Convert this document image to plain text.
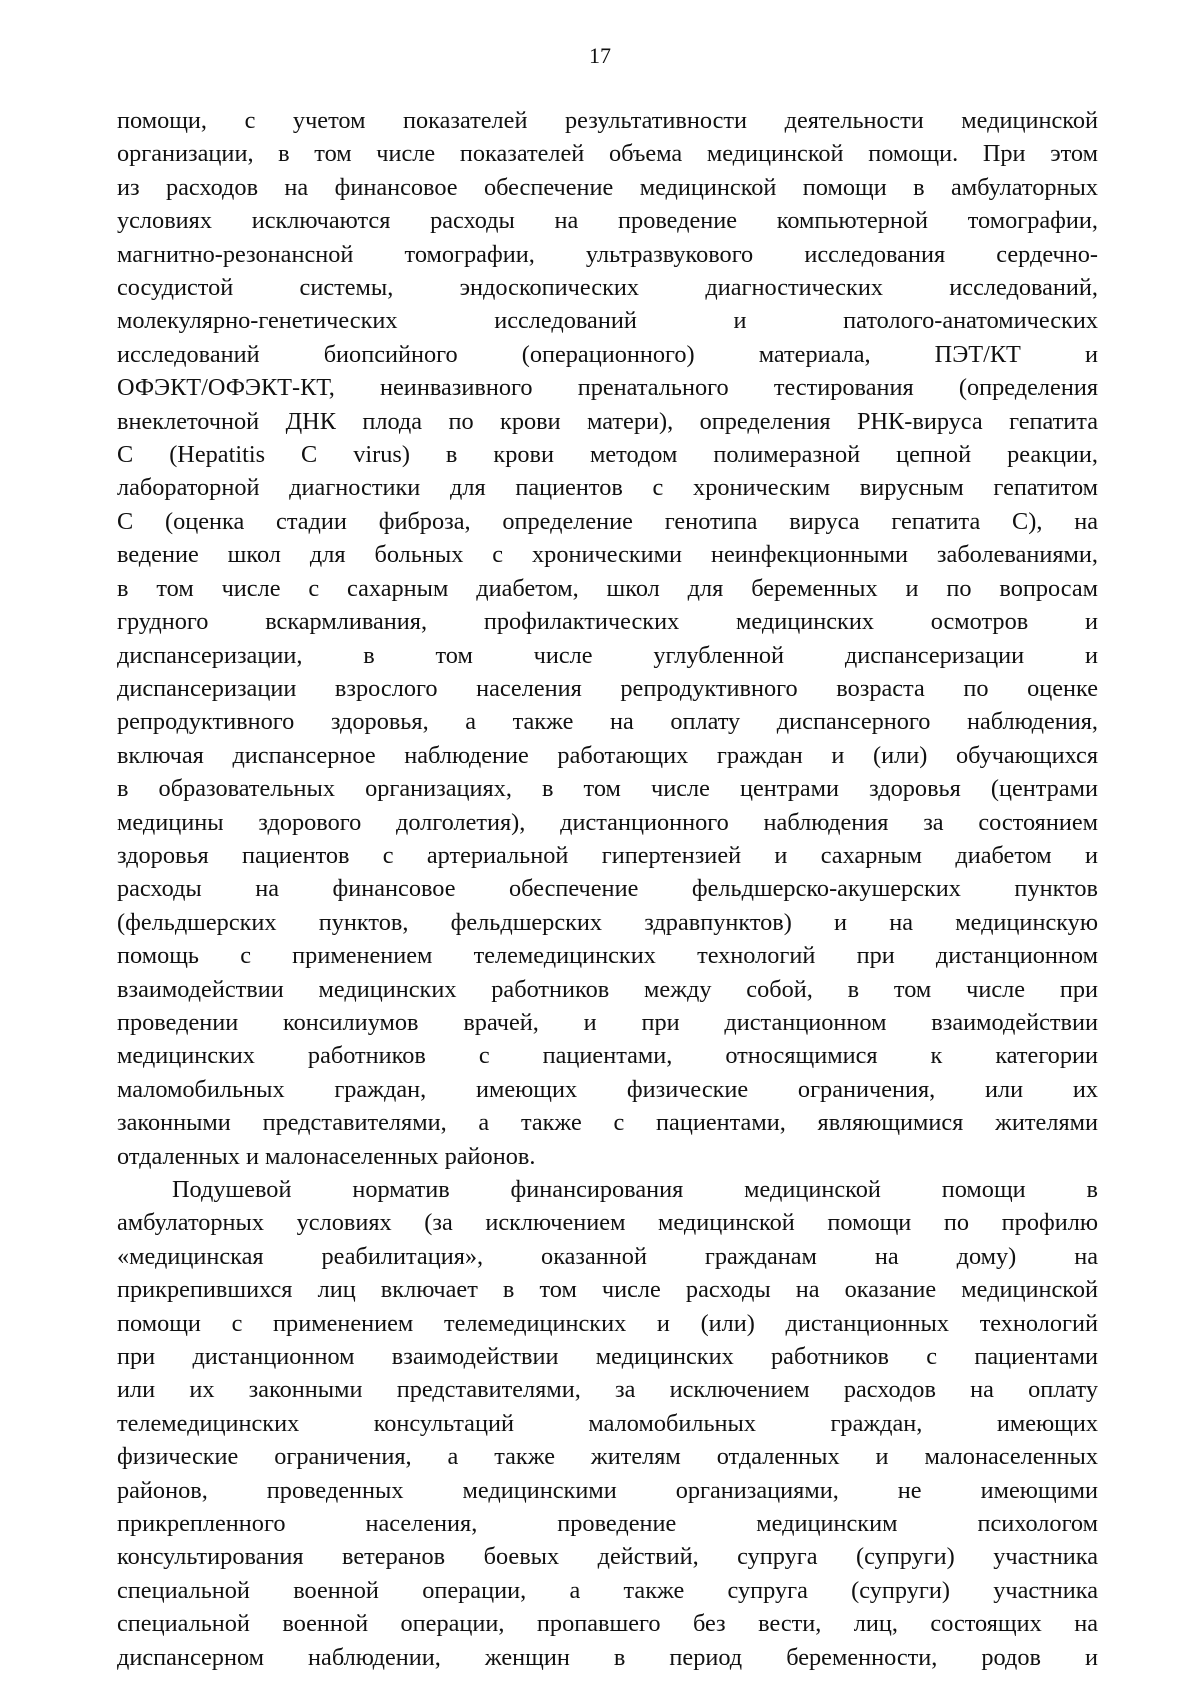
17
помощи, с учетом показателей результативности деятельности медицинской
организации, в том числе показателей объема медицинской помощи. При этом
из расходов на финансовое обеспечение медицинской помощи в амбулаторных
условиях исключаются расходы на проведение компьютерной томографии,
магнитно-резонансной томографии, ультразвукового исследования сердечно-
сосудистой системы, эндоскопических диагностических исследований,
молекулярно-генетических исследований и патолого-анатомических
исследований биопсийного (операционного) материала, ПЭТ/КТ и
ОФЭКТ/ОФЭКТ-КТ, неинвазивного пренатального тестирования (определения
внеклеточной ДНК плода по крови матери), определения РНК-вируса гепатита
С (Hepatitis С virus) в крови методом полимеразной цепной реакции,
лабораторной диагностики для пациентов с хроническим вирусным гепатитом
С (оценка стадии фиброза, определение генотипа вируса гепатита С), на
ведение школ для больных с хроническими неинфекционными заболеваниями,
в том числе с сахарным диабетом, школ для беременных и по вопросам
грудного вскармливания, профилактических медицинских осмотров и
диспансеризации, в том числе углубленной диспансеризации и
диспансеризации взрослого населения репродуктивного возраста по оценке
репродуктивного здоровья, а также на оплату диспансерного наблюдения,
включая диспансерное наблюдение работающих граждан и (или) обучающихся
в образовательных организациях, в том числе центрами здоровья (центрами
медицины здорового долголетия), дистанционного наблюдения за состоянием
здоровья пациентов с артериальной гипертензией и сахарным диабетом и
расходы на финансовое обеспечение фельдшерско-акушерских пунктов
(фельдшерских пунктов, фельдшерских здравпунктов) и на медицинскую
помощь с применением телемедицинских технологий при дистанционном
взаимодействии медицинских работников между собой, в том числе при
проведении консилиумов врачей, и при дистанционном взаимодействии
медицинских работников с пациентами, относящимися к категории
маломобильных граждан, имеющих физические ограничения, или их
законными представителями, а также с пациентами, являющимися жителями
отдаленных и малонаселенных районов.
Подушевой норматив финансирования медицинской помощи в
амбулаторных условиях (за исключением медицинской помощи по профилю
«медицинская реабилитация», оказанной гражданам на дому) на
прикрепившихся лиц включает в том числе расходы на оказание медицинской
помощи с применением телемедицинских и (или) дистанционных технологий
при дистанционном взаимодействии медицинских работников с пациентами
или их законными представителями, за исключением расходов на оплату
телемедицинских консультаций маломобильных граждан, имеющих
физические ограничения, а также жителям отдаленных и малонаселенных
районов, проведенных медицинскими организациями, не имеющими
прикрепленного населения, проведение медицинским психологом
консультирования ветеранов боевых действий, супруга (супруги) участника
специальной военной операции, а также супруга (супруги) участника
специальной военной операции, пропавшего без вести, лиц, состоящих на
диспансерном наблюдении, женщин в период беременности, родов и
